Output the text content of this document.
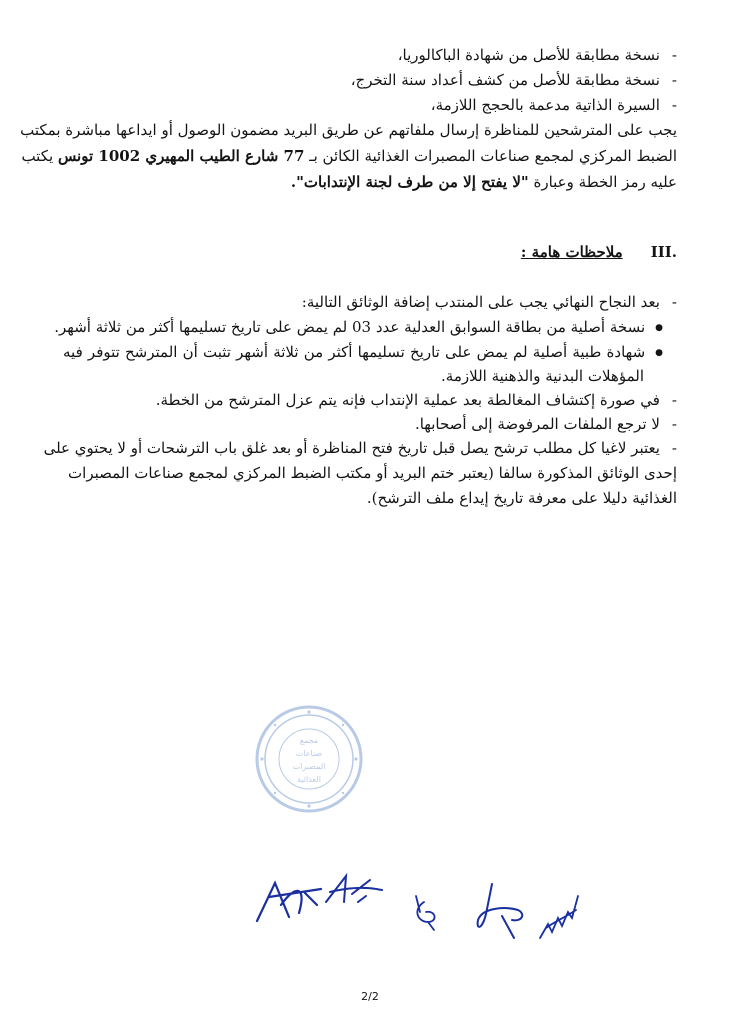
- نسخة مطابقة للأصل من شهادة الباكالوريا،
- نسخة مطابقة للأصل من كشف أعداد سنة التخرج،
- السيرة الذاتية مدعمة بالحجج اللازمة،
يجب على المترشحين للمناظرة إرسال ملفاتهم عن طريق البريد مضمون الوصول أو ايداعها مباشرة بمكتب
الضبط المركزي لمجمع صناعات المصبرات الغذائية الكائن بـ 77 شارع الطيب المهيري 1002 تونس يكتب
عليه رمز الخطة وعبارة "لا يفتح إلا من طرف لجنة الإنتدابات".
.IIIملاحظات هامة :
- بعد النجاح النهائي يجب على المنتدب إضافة الوثائق التالية:
● نسخة أصلية من بطاقة السوابق العدلية عدد 03 لم يمض على تاريخ تسليمها أكثر من ثلاثة أشهر.
● شهادة طبية أصلية لم يمض على تاريخ تسليمها أكثر من ثلاثة أشهر تثبت أن المترشح تتوفر فيه
المؤهلات البدنية والذهنية اللازمة.
- في صورة إكتشاف المغالطة بعد عملية الإنتداب فإنه يتم عزل المترشح من الخطة.
- لا ترجع الملفات المرفوضة إلى أصحابها.
- يعتبر لاغيا كل مطلب ترشح يصل قبل تاريخ فتح المناظرة أو بعد غلق باب الترشحات أو لا يحتوي على
إحدى الوثائق المذكورة سالفا (يعتبر ختم البريد أو مكتب الضبط المركزي لمجمع صناعات المصبرات
الغذائية دليلا على معرفة تاريخ إيداع ملف الترشح).
مجمع
صناعات
المصبرات
الغذائية
2/2
